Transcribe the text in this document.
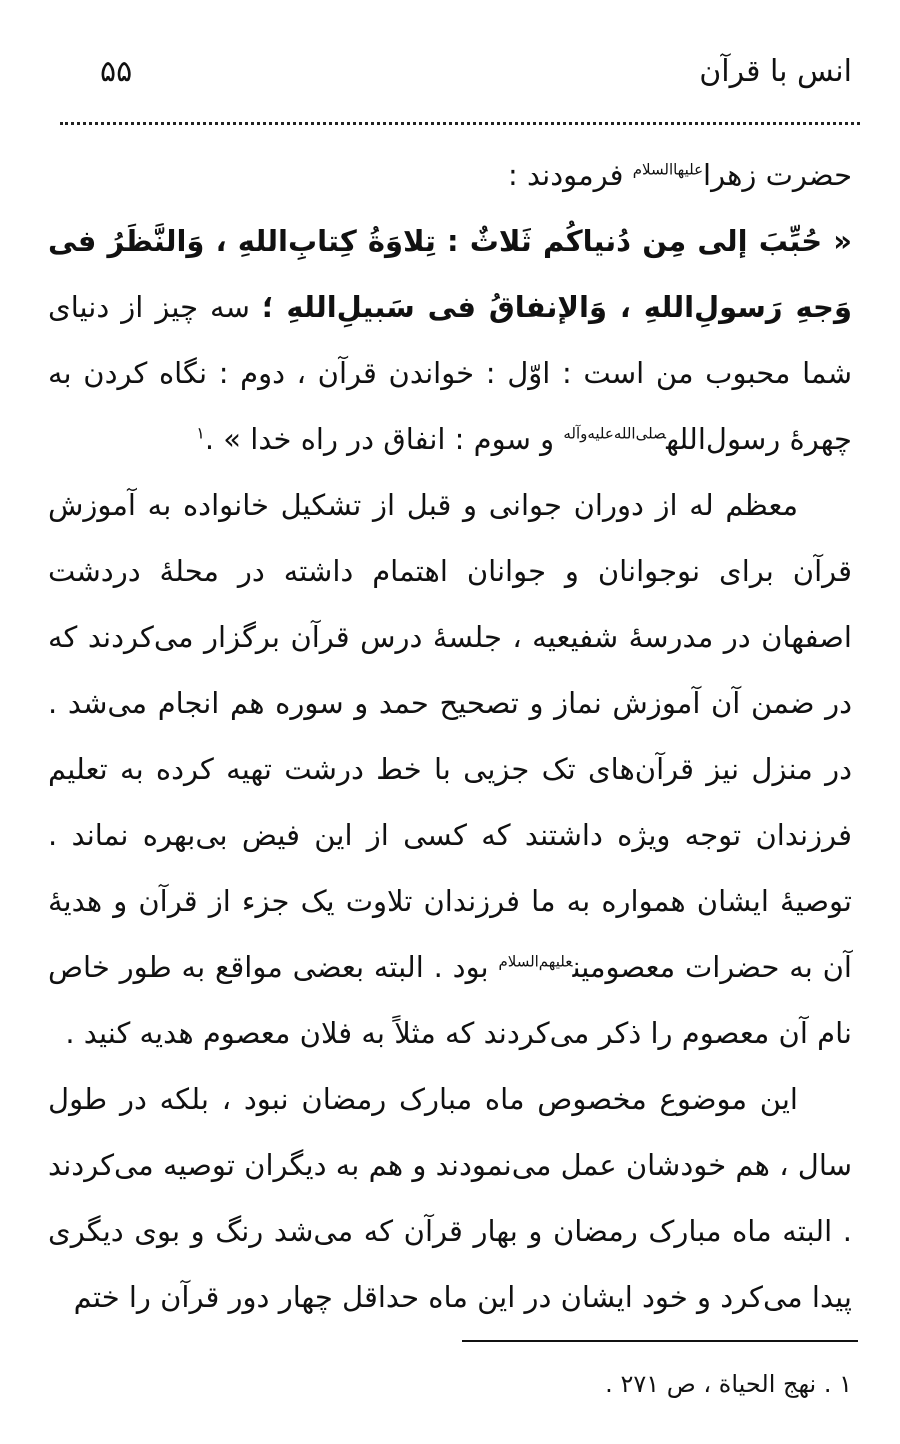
انس با قرآن
۵۵

حضرت زهرا$^{علیهاالسلام}$ فرمودند :
« حُبِّبَ إلى مِن دُنیاکُم ثَلاثٌ : تِلاوَةُ کِتابِ‌اللهِ ، وَالنَّظَرُ فی وَجهِ رَسولِ‌اللهِ ، وَالإنفاقُ فی سَبیلِ‌اللهِ ؛ سه چیز از دنیای شما محبوب من است : اوّل : خواندن قرآن ، دوم : نگاه کردن به چهرهٔ رسول‌الله$^{صلی‌الله‌علیه‌وآله}$ و سوم : انفاق در راه خدا » .$^۱$

معظم له از دوران جوانی و قبل از تشکیل خانواده به آموزش قرآن برای نوجوانان و جوانان اهتمام داشته در محلهٔ دردشت اصفهان در مدرسهٔ شفیعیه ، جلسهٔ درس قرآن برگزار می‌کردند که در ضمن آن آموزش نماز و تصحیح حمد و سوره هم انجام می‌شد . در منزل نیز قرآن‌های تک جزیی با خط درشت تهیه کرده به تعلیم فرزندان توجه ویژه داشتند که کسی از این فیض بی‌بهره نماند . توصیهٔ ایشان همواره به ما فرزندان تلاوت یک جزء از قرآن و هدیهٔ آن به حضرات معصومین$^{علیهم‌السلام}$ بود . البته بعضی مواقع به طور خاص نام آن معصوم را ذکر می‌کردند که مثلاً به فلان معصوم هدیه کنید .

این موضوع مخصوص ماه مبارک رمضان نبود ، بلکه در طول سال ، هم خودشان عمل می‌نمودند و هم به دیگران توصیه می‌کردند . البته ماه مبارک رمضان و بهار قرآن که می‌شد رنگ و بوی دیگری پیدا می‌کرد و خود ایشان در این ماه حداقل چهار دور قرآن را ختم

۱ . نهج الحیاة ، ص ۲۷۱ .
